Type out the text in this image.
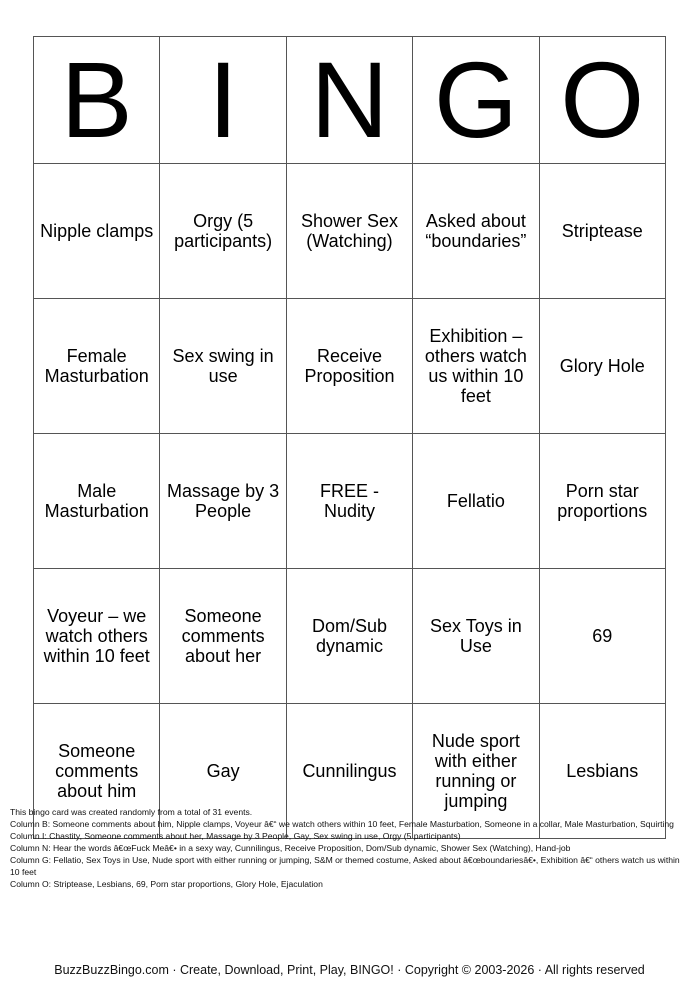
B	I	N	G	O
Nipple clamps	Orgy (5 participants)	Shower Sex (Watching)	Asked about “boundaries”	Striptease
Female Masturbation	Sex swing in use	Receive Proposition	Exhibition – others watch us within 10 feet	Glory Hole
Male Masturbation	Massage by 3 People	FREE - Nudity	Fellatio	Porn star proportions
Voyeur – we watch others within 10 feet	Someone comments about her	Dom/Sub dynamic	Sex Toys in Use	69
Someone comments about him	Gay	Cunnilingus	Nude sport with either running or jumping	Lesbians

This bingo card was created randomly from a total of 31 events.

Column B: Someone comments about him, Nipple clamps, Voyeur â€“ we watch others within 10 feet, Female Masturbation, Someone in a collar, Male Masturbation, Squirting

Column I: Chastity, Someone comments about her, Massage by 3 People, Gay, Sex swing in use, Orgy (5 participants)

Column N: Hear the words â€œFuck Meâ€• in a sexy way, Cunnilingus, Receive Proposition, Dom/Sub dynamic, Shower Sex (Watching), Hand-job

Column G: Fellatio, Sex Toys in Use, Nude sport with either running or jumping, S&M or themed costume, Asked about â€œboundariesâ€•, Exhibition â€“ others watch us within 10 feet

Column O: Striptease, Lesbians, 69, Porn star proportions, Glory Hole, Ejaculation

BuzzBuzzBingo.com · Create, Download, Print, Play, BINGO! · Copyright © 2003-2026 · All rights reserved
